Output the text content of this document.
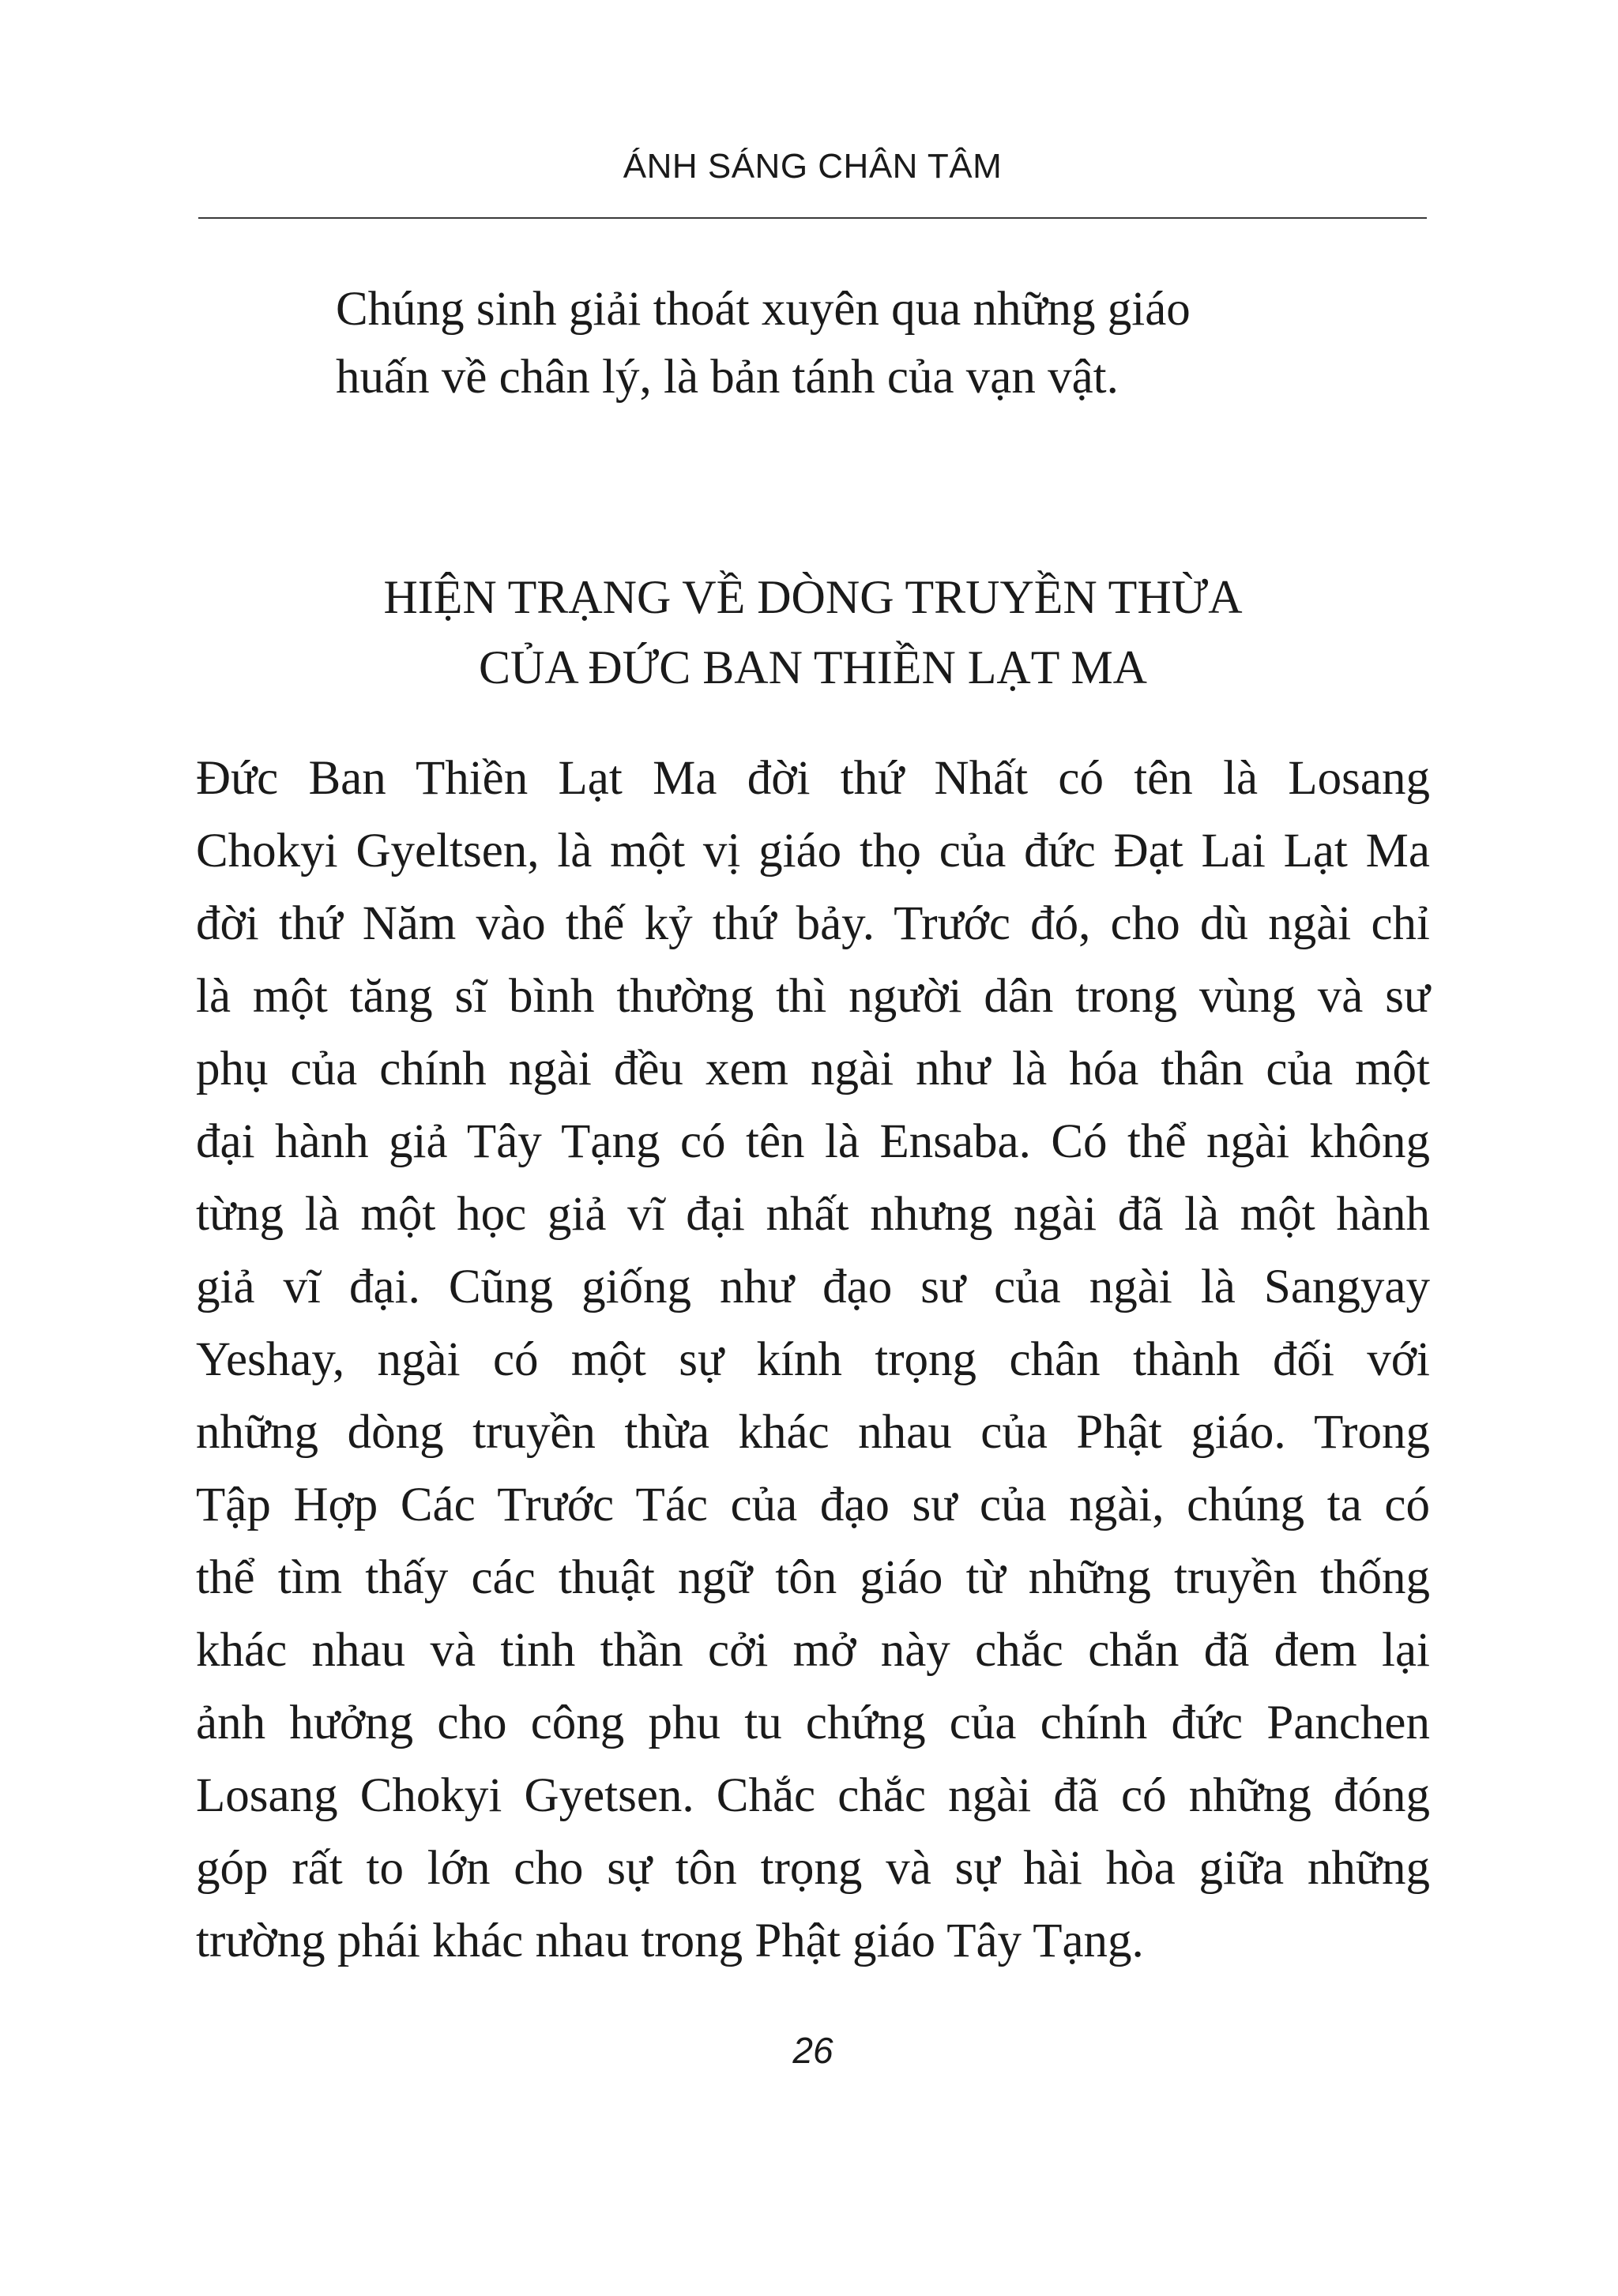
ÁNH SÁNG CHÂN TÂM
Chúng sinh giải thoát xuyên qua những giáo
huấn về chân lý, là bản tánh của vạn vật.
HIỆN TRẠNG VỀ DÒNG TRUYỀN THỪA
CỦA ĐỨC BAN THIỀN LẠT MA
Đức Ban Thiền Lạt Ma đời thứ Nhất có tên là Losang
Chokyi Gyeltsen, là một vị giáo thọ của đức Đạt Lai Lạt Ma
đời thứ Năm vào thế kỷ thứ bảy. Trước đó, cho dù ngài chỉ
là một tăng sĩ bình thường thì người dân trong vùng và sư
phụ của chính ngài đều xem ngài như là hóa thân của một
đại hành giả Tây Tạng có tên là Ensaba. Có thể ngài không
từng là một học giả vĩ đại nhất nhưng ngài đã là một hành
giả vĩ đại. Cũng giống như đạo sư của ngài là Sangyay
Yeshay, ngài có một sự kính trọng chân thành đối với
những dòng truyền thừa khác nhau của Phật giáo. Trong
Tập Hợp Các Trước Tác của đạo sư của ngài, chúng ta có
thể tìm thấy các thuật ngữ tôn giáo từ những truyền thống
khác nhau và tinh thần cởi mở này chắc chắn đã đem lại
ảnh hưởng cho công phu tu chứng của chính đức Panchen
Losang Chokyi Gyetsen. Chắc chắc ngài đã có những đóng
góp rất to lớn cho sự tôn trọng và sự hài hòa giữa những
trường phái khác nhau trong Phật giáo Tây Tạng.
26
